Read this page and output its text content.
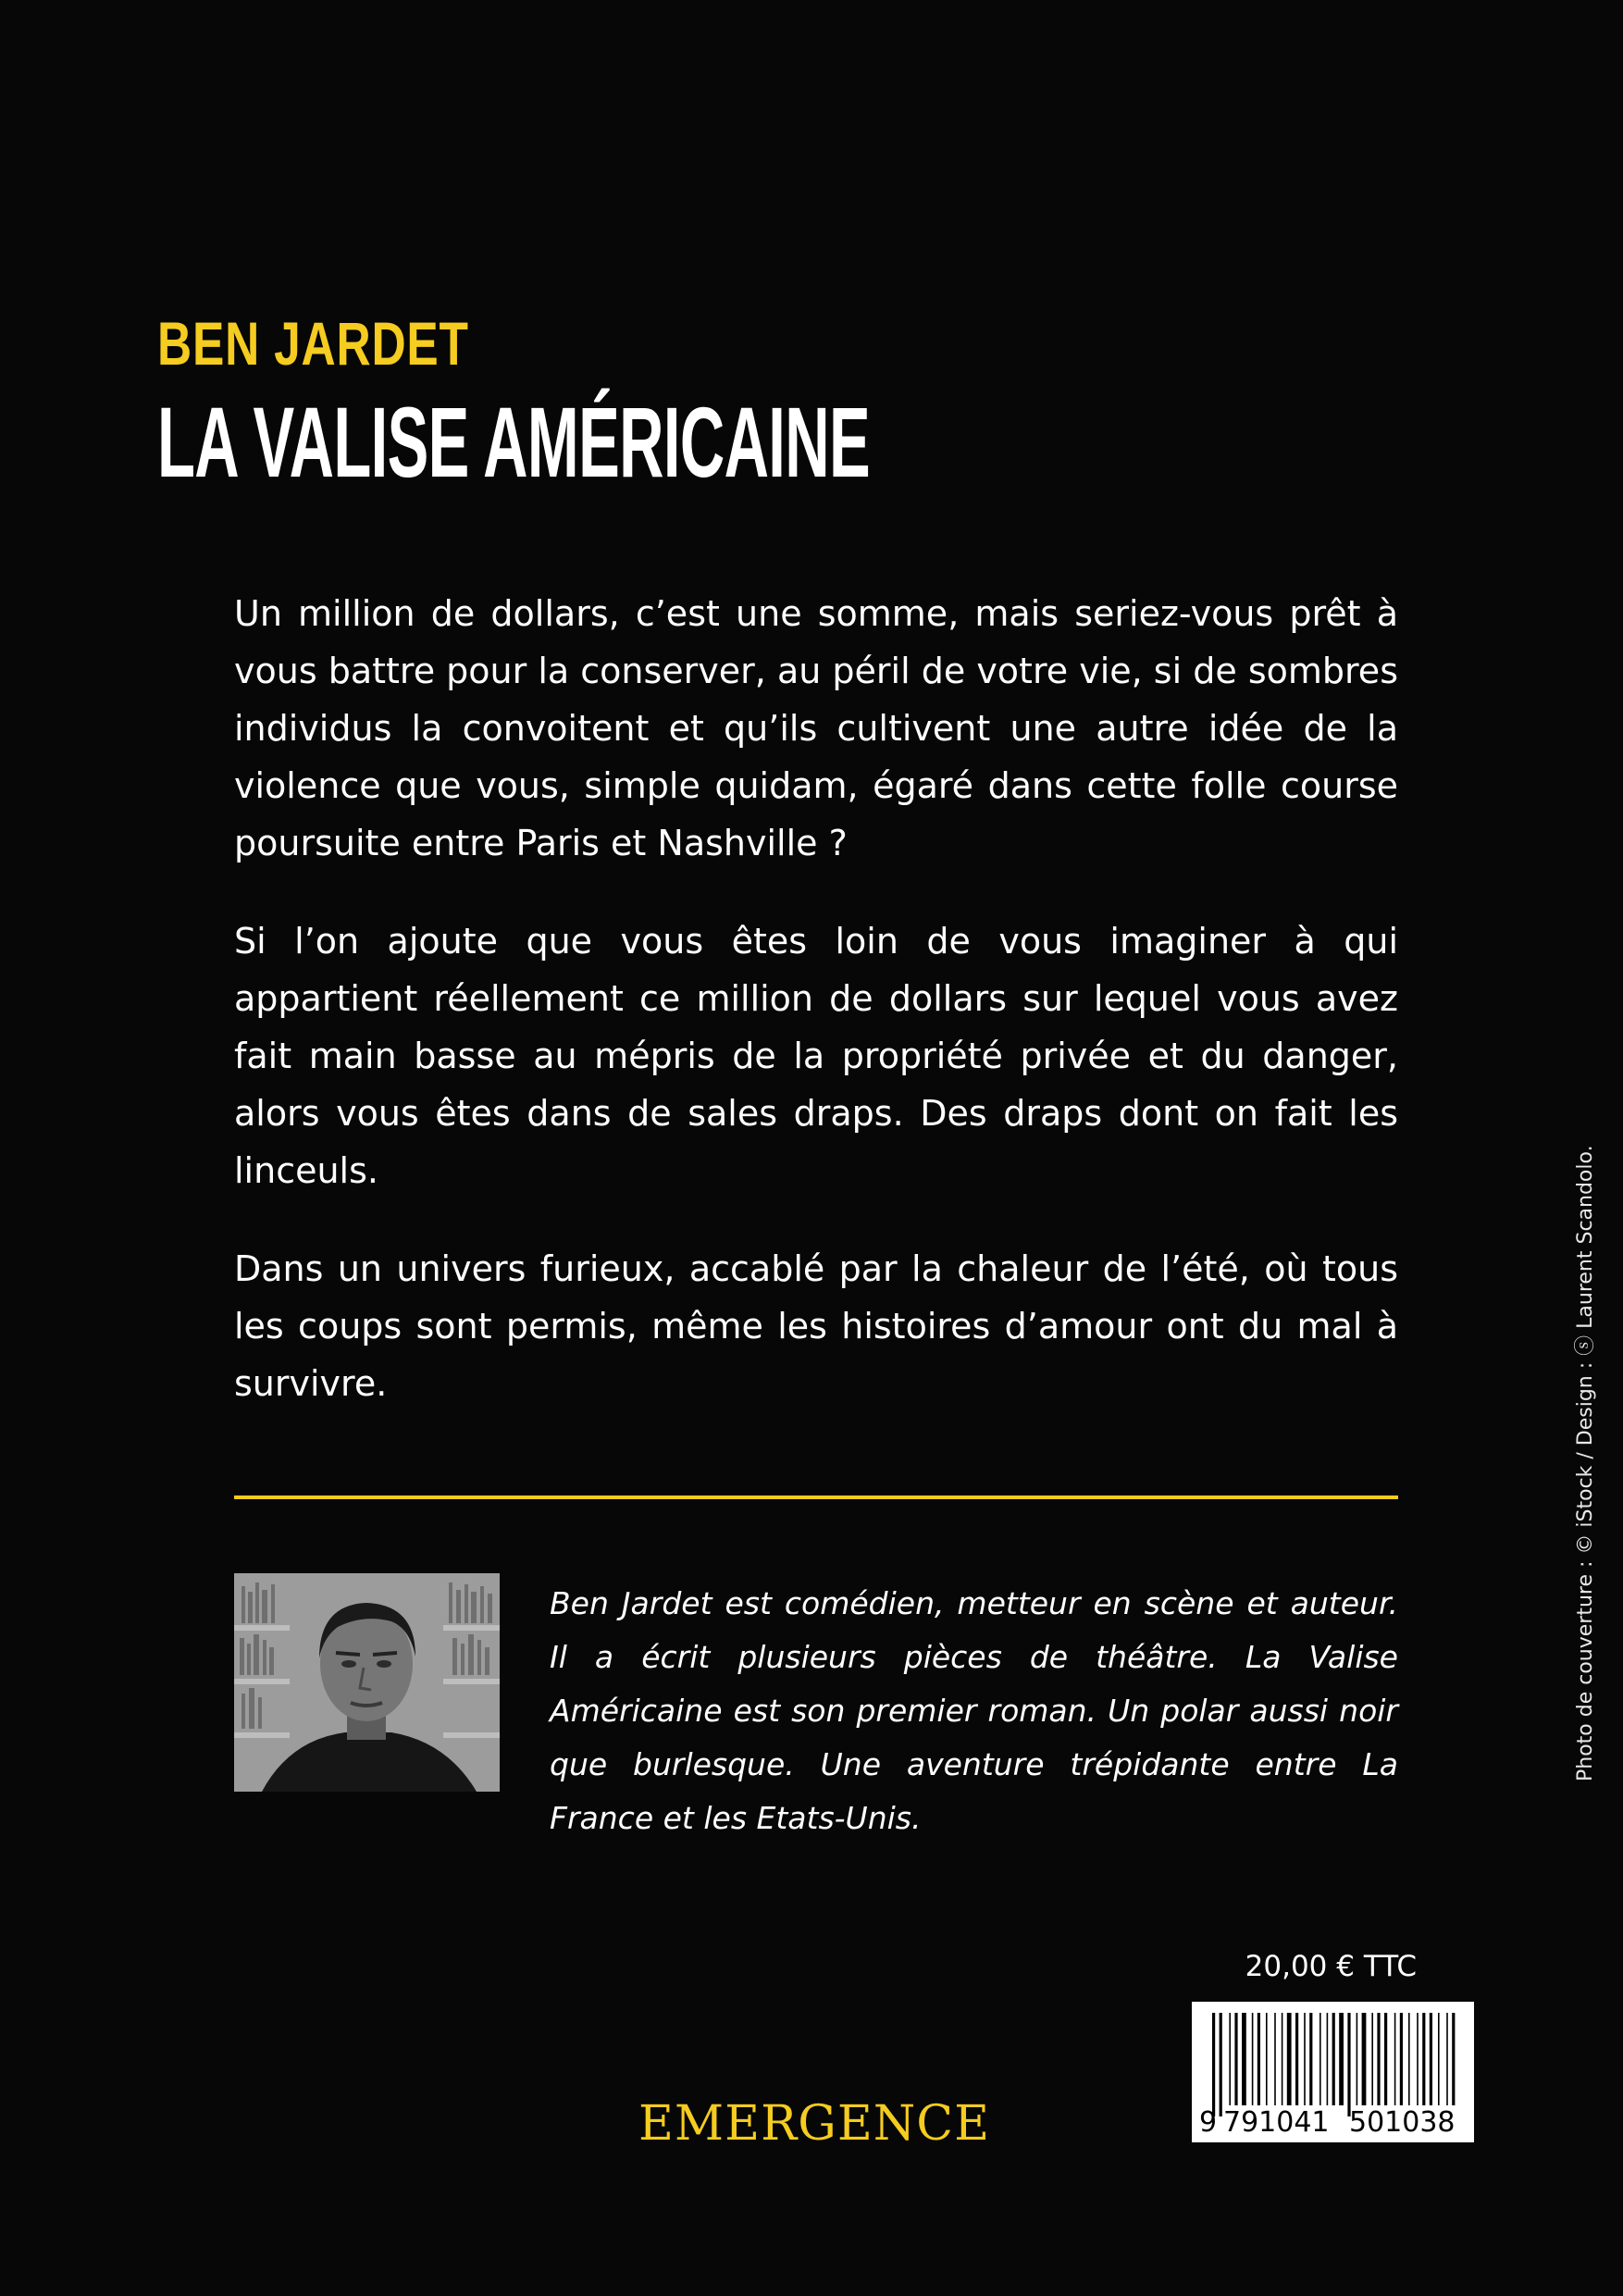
BEN JARDET
LA VALISE AMÉRICAINE

Un million de dollars, c’est une somme, mais seriez-vous prêt à vous battre pour la conserver, au péril de votre vie, si de sombres individus la convoitent et qu’ils cultivent une autre idée de la violence que vous, simple quidam, égaré dans cette folle course poursuite entre Paris et Nashville ?

Si l’on ajoute que vous êtes loin de vous imaginer à qui appartient réellement ce million de dollars sur lequel vous avez fait main basse au mépris de la propriété privée et du danger, alors vous êtes dans de sales draps. Des draps dont on fait les linceuls.

Dans un univers furieux, accablé par la chaleur de l’été, où tous les coups sont permis, même les histoires d’amour ont du mal à survivre.

Ben Jardet est comédien, metteur en scène et auteur. Il a écrit plusieurs pièces de théâtre. La Valise Américaine est son premier roman. Un polar aussi noir que burlesque. Une aventure trépidante entre La France et les Etats-Unis.

Photo de couverture : © iStock / Design : ⓢ Laurent Scandolo.
20,00 € TTC
9 791041 501038
EMERGENCE
